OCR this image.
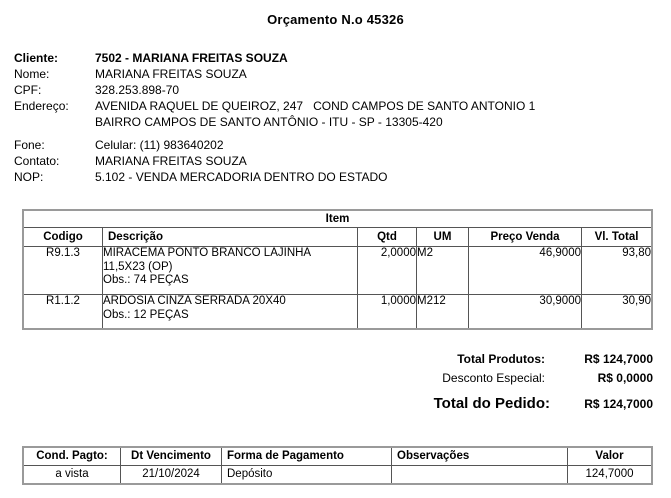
Orçamento N.o 45326
Cliente:	7502 - MARIANA FREITAS SOUZA
Nome:	MARIANA FREITAS SOUZA
CPF:	328.253.898-70
Endereço:	AVENIDA RAQUEL DE QUEIROZ, 247   COND CAMPOS DE SANTO ANTONIO 1
BAIRRO CAMPOS DE SANTO ANTÔNIO - ITU - SP - 13305-420
Fone:	Celular: (11) 983640202
Contato:	MARIANA FREITAS SOUZA
NOP:	5.102 - VENDA MERCADORIA DENTRO DO ESTADO
Item					
Codigo	Descrição	Qtd	UM	Preço Venda	Vl. Total
R9.1.3	MIRACEMA PONTO BRANCO LAJINHA
11,5X23 (OP)
Obs.: 74 PEÇAS	2,0000	M2	46,9000	93,80
R1.1.2	ARDOSIA CINZA SERRADA 20X40
Obs.: 12 PEÇAS	1,0000	M212	30,9000	30,90
Total Produtos:	R$ 124,7000
Desconto Especial:	R$ 0,0000
Total do Pedido:	R$ 124,7000
Cond. Pagto:	Dt Vencimento	Forma de Pagamento	Observações	Valor
a vista	21/10/2024	Depósito		124,7000
